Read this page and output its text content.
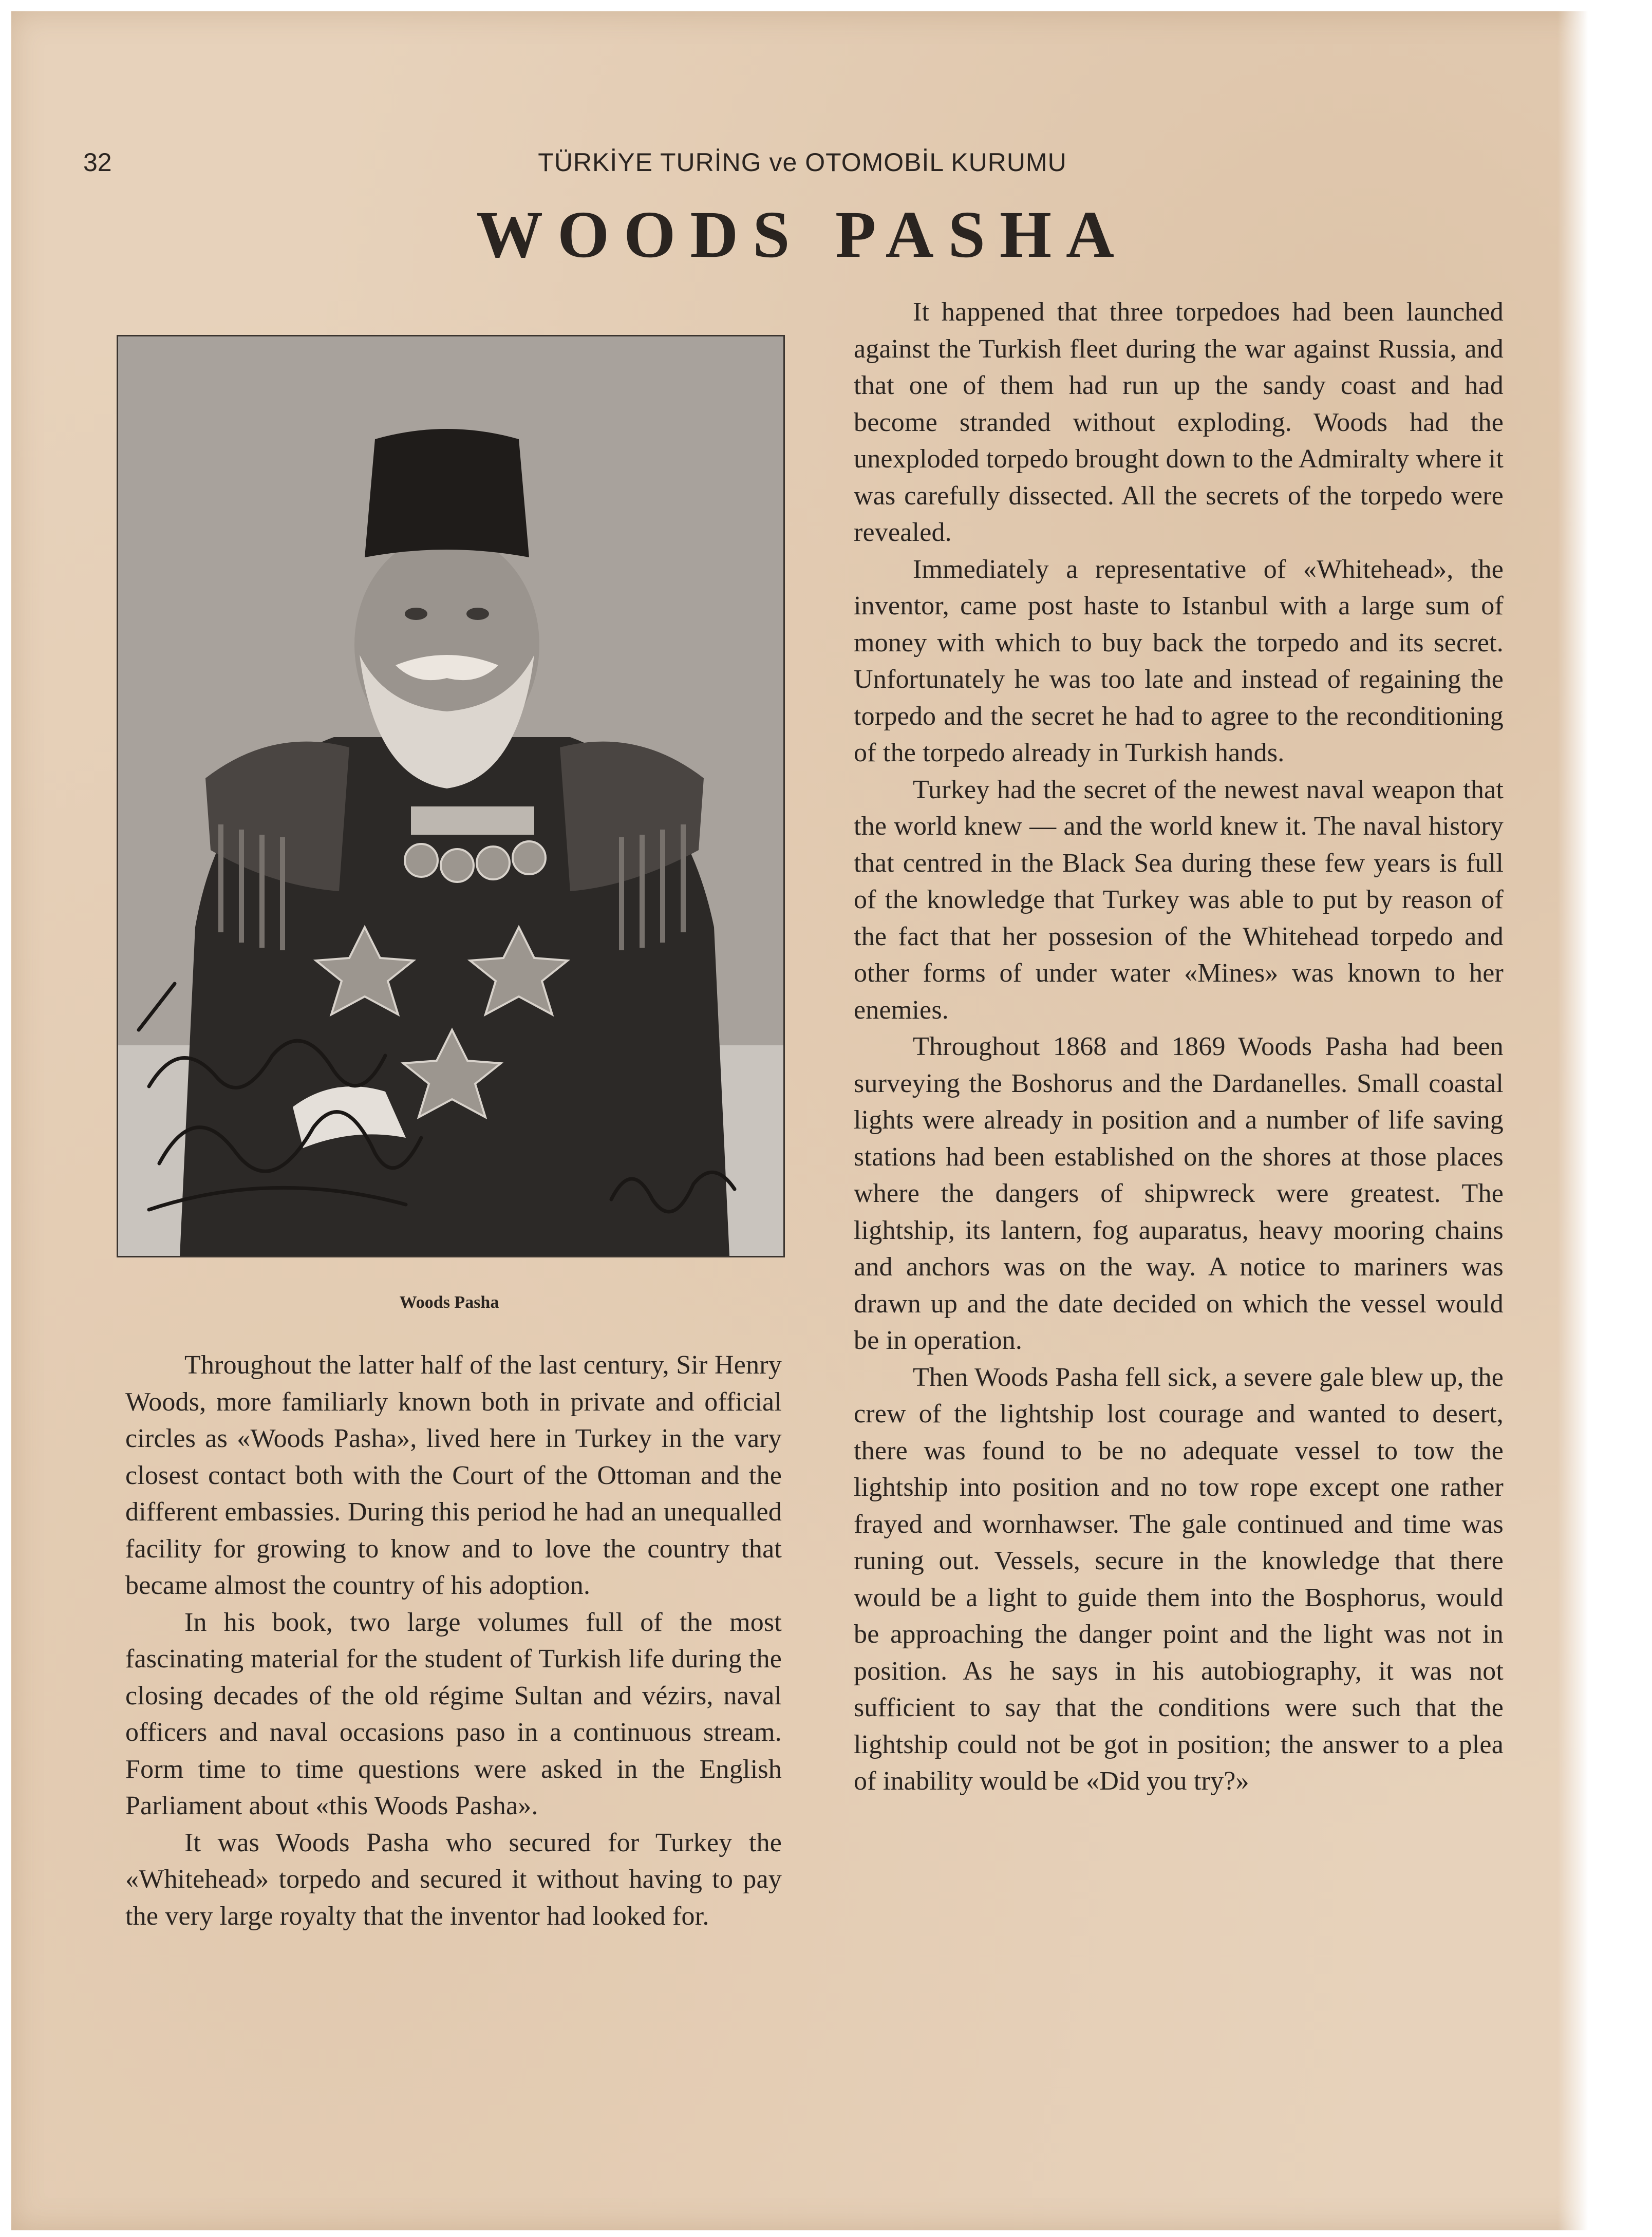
32	TÜRKİYE TURİNG ve OTOMOBİL KURUMU
WOODS PASHA
Woods Pasha

Throughout the latter half of the last century, Sir Henry Woods, more familiarly known both in private and official circles as «Woods Pasha», lived here in Turkey in the vary closest contact both with the Court of the Ottoman and the different embassies. During this period he had an unequalled facility for growing to know and to love the country that became almost the country of his adoption.

In his book, two large volumes full of the most fascinating material for the student of Turkish life during the closing decades of the old régime Sultan and vézirs, naval officers and naval occasions paso in a continuous stream. Form time to time questions were asked in the English Parliament about «this Woods Pasha».

It was Woods Pasha who secured for Turkey the «Whitehead» torpedo and secured it without having to pay the very large royalty that the inventor had looked for.

It happened that three torpedoes had been launched against the Turkish fleet during the war against Russia, and that one of them had run up the sandy coast and had become stranded without exploding. Woods had the unexploded torpedo brought down to the Admiralty where it was carefully dissected. All the secrets of the torpedo were revealed.

Immediately a representative of «Whitehead», the inventor, came post haste to Istanbul with a large sum of money with which to buy back the torpedo and its secret. Unfortunately he was too late and instead of regaining the torpedo and the secret he had to agree to the reconditioning of the torpedo already in Turkish hands.

Turkey had the secret of the newest naval weapon that the world knew — and the world knew it. The naval history that centred in the Black Sea during these few years is full of the knowledge that Turkey was able to put by reason of the fact that her possesion of the Whitehead torpedo and other forms of under water «Mines» was known to her enemies.

Throughout 1868 and 1869 Woods Pasha had been surveying the Boshorus and the Dardanelles. Small coastal lights were already in position and a number of life saving stations had been established on the shores at those places where the dangers of shipwreck were greatest. The lightship, its lantern, fog auparatus, heavy mooring chains and anchors was on the way. A notice to mariners was drawn up and the date decided on which the vessel would be in operation.

Then Woods Pasha fell sick, a severe gale blew up, the crew of the lightship lost courage and wanted to desert, there was found to be no adequate vessel to tow the lightship into position and no tow rope except one rather frayed and wornhawser. The gale continued and time was runing out. Vessels, secure in the knowledge that there would be a light to guide them into the Bosphorus, would be approaching the danger point and the light was not in position. As he says in his autobiography, it was not sufficient to say that the conditions were such that the lightship could not be got in position; the answer to a plea of inability would be «Did you try?»
